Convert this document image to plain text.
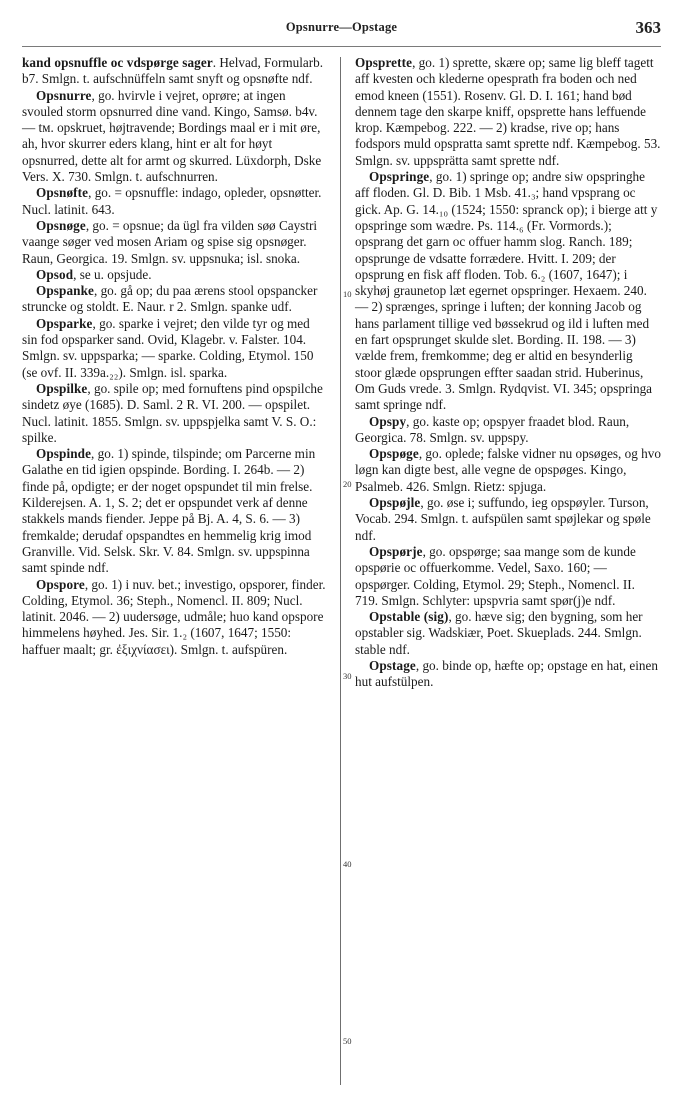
Opsnurre—Opstage	363

kand opsnuffle oc vdspørge sager. Helvad, Formularb. b7. Smlgn. t. aufschnüffeln samt snyft og opsnøfte ndf.

Opsnurre, go. hvirvle i vejret, oprøre; at ingen svouled storm opsnurred dine vand. Kingo, Samsø. b4v. — tм. opskruet, højtravende; Bordings maal er i mit øre, ah, hvor skurrer eders klang, hint er alt for høyt opsnurred, dette alt for armt og skurred. Lüxdorph, Dske Vers. X. 730. Smlgn. t. aufschnurren.

Opsnøfte, go. = opsnuffle: indago, opleder, opsnøtter. Nucl. latinit. 643.

Opsnøge, go. = opsnue; da ügl fra vilden søø Caystri vaange søger ved mosen Ariam og spise sig opsnøger. Raun, Georgica. 19. Smlgn. sv. uppsnuka; isl. snoka.

Opsod, se u. opsjude.

Opspanke, go. gå op; du paa ærens stool opspancker struncke og stoldt. E. Naur. r 2. Smlgn. spanke udf.

Opsparke, go. sparke i vejret; den vilde tyr og med sin fod opsparker sand. Ovid, Klagebr. v. Falster. 104. Smlgn. sv. uppsparka; — sparke. Colding, Etymol. 150 (se ovf. II. 339a.₂₂). Smlgn. isl. sparka.

Opspilke, go. spile op; med fornuftens pind opspilche sindetz øye (1685). D. Saml. 2 R. VI. 200. — opspilet. Nucl. latinit. 1855. Smlgn. sv. uppspjelka samt V. S. O.: spilke.

Opspinde, go. 1) spinde, tilspinde; om Parcerne min Galathe en tid igien opspinde. Bording. I. 264b. — 2) finde på, opdigte; er der noget opspundet til min frelse. Kilderejsen. A. 1, S. 2; det er opspundet verk af denne stakkels mands fiender. Jeppe på Bj. A. 4, S. 6. — 3) fremkalde; derudaf opspandtes en hemmelig krig imod Granville. Vid. Selsk. Skr. V. 84. Smlgn. sv. uppspinna samt spinde ndf.

Opspore, go. 1) i nuv. bet.; investigo, opsporer, finder. Colding, Etymol. 36; Steph., Nomencl. II. 809; Nucl. latinit. 2046. — 2) uudersøge, udmåle; huo kand opspore himmelens høyhed. Jes. Sir. 1.₂ (1607, 1647; 1550: haffuer maalt; gr. ἐξιχνίασει). Smlgn. t. aufspüren.

10
20
30
40
50

Opsprette, go. 1) sprette, skære op; same lig bleff tagett aff kvesten och klederne opesprath fra boden och ned emod kneen (1551). Rosenv. Gl. D. I. 161; hand bød dennem tage den skarpe kniff, opsprette hans leffuende krop. Kæmpebog. 222. — 2) kradse, rive op; hans fodspors muld opspratta samt sprette ndf. Kæmpebog. 53. Smlgn. sv. uppsprätta samt sprette ndf.

Opspringe, go. 1) springe op; andre siw opspringhe aff floden. Gl. D. Bib. 1 Msb. 41.₃; hand vpsprang oc gick. Ap. G. 14.₁₀ (1524; 1550: spranck op); i bierge att y opspringe som wædre. Ps. 114.₆ (Fr. Vormords.); opsprang det garn oc offuer hamm slog. Ranch. 189; opsprunge de vdsatte forrædere. Hvitt. I. 209; der opsprung en fisk aff floden. Tob. 6.₂ (1607, 1647); i skyhøj graunetop læt egernet opspringer. Hexaem. 240. — 2) sprænges, springe i luften; der konning Jacob og hans parlament tillige ved bøssekrud og ild i luften med en fart opsprunget skulde slet. Bording. II. 198. — 3) vælde frem, fremkomme; deg er altid en besynderlig stoor glæde opsprungen effter saadan strid. Huberinus, Om Guds vrede. 3. Smlgn. Rydqvist. VI. 345; opspringa samt springe ndf.

Opspy, go. kaste op; opspyer fraadet blod. Raun, Georgica. 78. Smlgn. sv. uppspy.

Opspøge, go. oplede; falske vidner nu opsøges, og hvo løgn kan digte best, alle vegne de opspøges. Kingo, Psalmeb. 426. Smlgn. Rietz: spjuga.

Opspøjle, go. øse i; suffundo, ieg opspøyler. Turson, Vocab. 294. Smlgn. t. aufspülen samt spøjlekar og spøle ndf.

Opspørje, go. opspørge; saa mange som de kunde opspørie oc offuerkomme. Vedel, Saxo. 160; — opspørger. Colding, Etymol. 29; Steph., Nomencl. II. 719. Smlgn. Schlyter: upspvria samt spør(j)e ndf.

Opstable (sig), go. hæve sig; den bygning, som her opstabler sig. Wadskiær, Poet. Skueplads. 244. Smlgn. stable ndf.

Opstage, go. binde op, hæfte op; opstage en hat, einen hut aufstülpen.
